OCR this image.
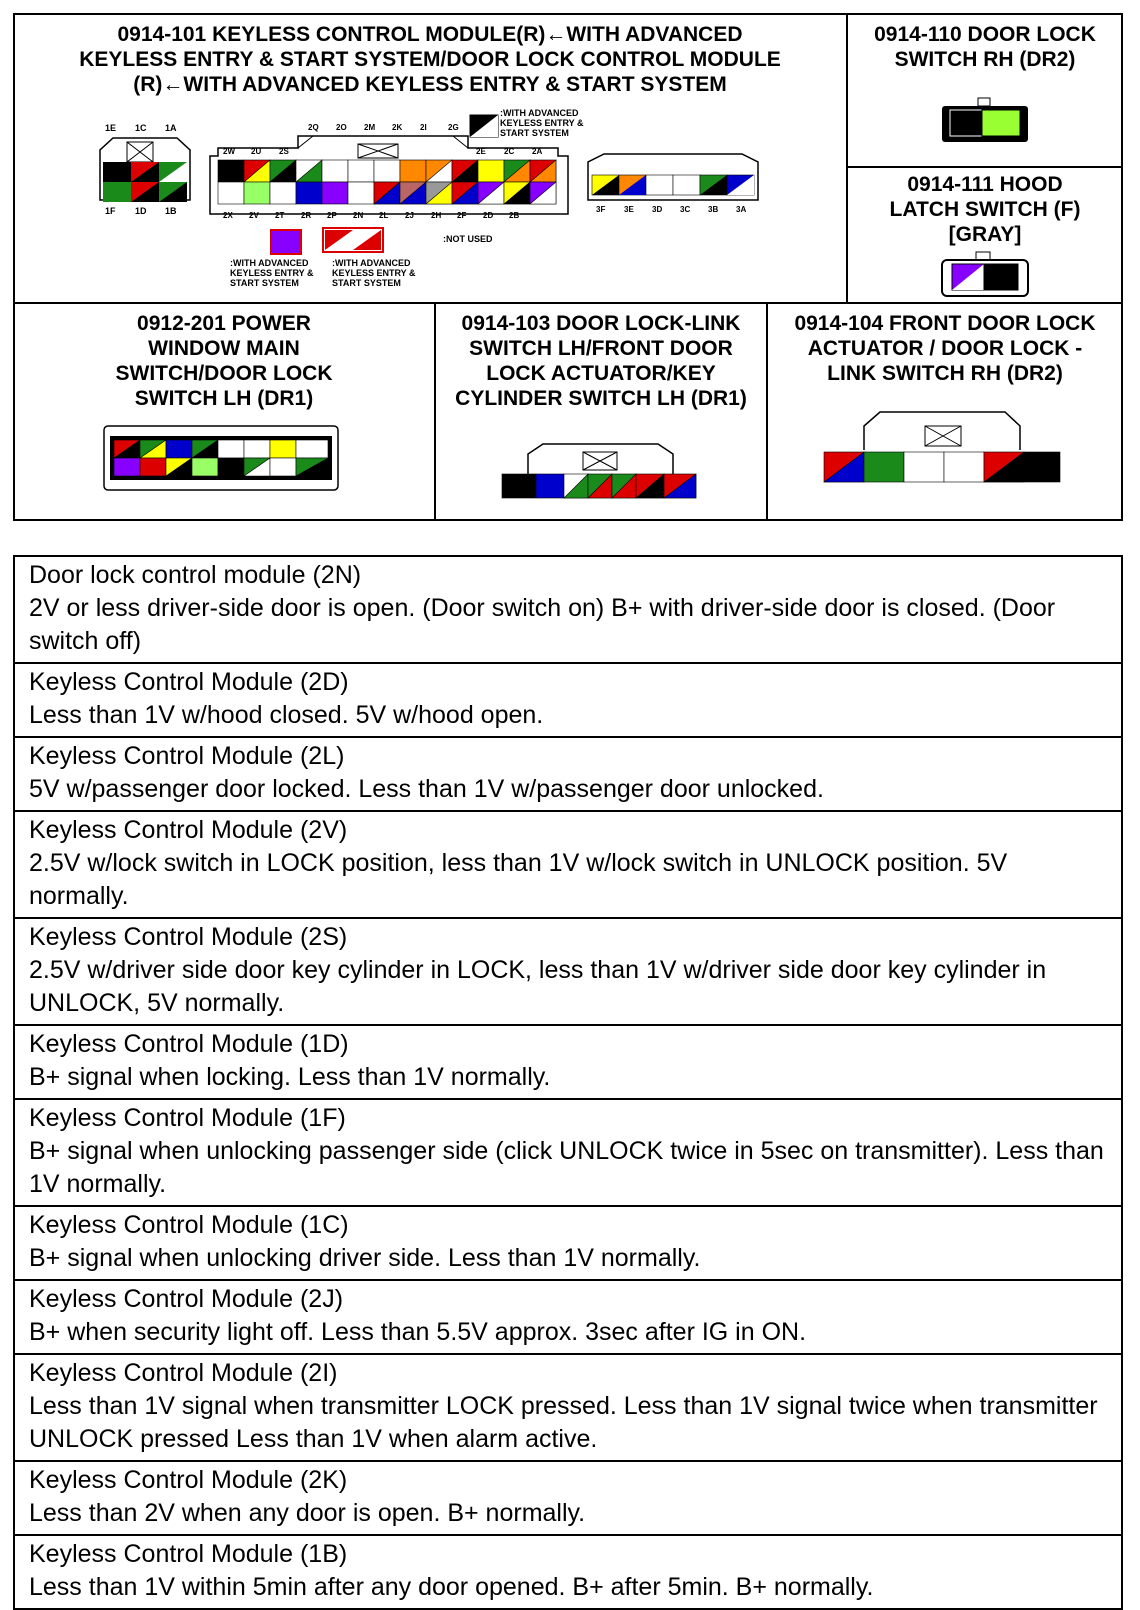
0914-101 KEYLESS CONTROL MODULE(R)←WITH ADVANCED
KEYLESS ENTRY & START SYSTEM/DOOR LOCK CONTROL MODULE
(R)←WITH ADVANCED KEYLESS ENTRY & START SYSTEM
0914-110 DOOR LOCK
SWITCH RH (DR2)
0914-111 HOOD
LATCH SWITCH (F)
[GRAY]
0912-201 POWER
WINDOW MAIN
SWITCH/DOOR LOCK
SWITCH LH (DR1)
0914-103 DOOR LOCK-LINK
SWITCH LH/FRONT DOOR
LOCK ACTUATOR/KEY
CYLINDER SWITCH LH (DR1)
0914-104 FRONT DOOR LOCK
ACTUATOR / DOOR LOCK -
LINK SWITCH RH (DR2)
:WITH ADVANCED KEYLESS ENTRY & START SYSTEM
:NOT USED
:WITH ADVANCED KEYLESS ENTRY & START SYSTEM
:WITH ADVANCED KEYLESS ENTRY & START SYSTEM
1E 1C 1A
1F 1D 1B
2Q 2O 2M 2K 2I	2G
2W 2U 2S	2E 2C 2A
2X 2V 2T 2R 2P 2N 2L 2J 2H 2F 2D 2B
3F 3E 3D 3C 3B 3A
Door lock control module (2N)
2V or less driver-side door is open. (Door switch on) B+ with driver-side door is closed. (Door switch off)

Keyless Control Module (2D)
Less than 1V w/hood closed. 5V w/hood open.

Keyless Control Module (2L)
5V w/passenger door locked. Less than 1V w/passenger door unlocked.

Keyless Control Module (2V)
2.5V w/lock switch in LOCK position, less than 1V w/lock switch in UNLOCK position. 5V normally.

Keyless Control Module (2S)
2.5V w/driver side door key cylinder in LOCK, less than 1V w/driver side door key cylinder in UNLOCK, 5V normally.

Keyless Control Module (1D)
B+ signal when locking. Less than 1V normally.

Keyless Control Module (1F)
B+ signal when unlocking passenger side (click UNLOCK twice in 5sec on transmitter). Less than 1V normally.

Keyless Control Module (1C)
B+ signal when unlocking driver side. Less than 1V normally.

Keyless Control Module (2J)
B+ when security light off. Less than 5.5V approx. 3sec after IG in ON.

Keyless Control Module (2I)
Less than 1V signal when transmitter LOCK pressed. Less than 1V signal twice when transmitter UNLOCK pressed Less than 1V when alarm active.

Keyless Control Module (2K)
Less than 2V when any door is open. B+ normally.

Keyless Control Module (1B)
Less than 1V within 5min after any door opened. B+ after 5min. B+ normally.
